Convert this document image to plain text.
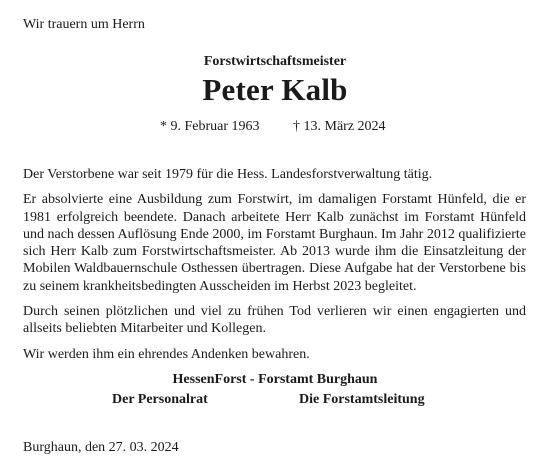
Wir trauern um Herrn

Forstwirtschaftsmeister

Peter Kalb
* 9. Februar 1963 † 13. März 2024

Der Verstorbene war seit 1979 für die Hess. Landesforstverwaltung tätig.

Er absolvierte eine Ausbildung zum Forstwirt, im damaligen Forstamt Hünfeld, die er 1981 erfolgreich beendete. Danach arbeitete Herr Kalb zunächst im Forstamt Hünfeld und nach dessen Auflösung Ende 2000, im Forstamt Burghaun. Im Jahr 2012 qualifizierte sich Herr Kalb zum Forstwirtschaftsmeister. Ab 2013 wurde ihm die Einsatzleitung der Mobilen Waldbauernschule Osthessen übertragen. Diese Aufgabe hat der Verstorbene bis zu seinem krankheitsbedingten Ausscheiden im Herbst 2023 begleitet.

Durch seinen plötzlichen und viel zu frühen Tod verlieren wir einen engagierten und allseits beliebten Mitarbeiter und Kollegen.

Wir werden ihm ein ehrendes Andenken bewahren.

HessenForst - Forstamt Burghaun
Der Personalrat	Die Forstamtsleitung

Burghaun, den 27. 03. 2024
